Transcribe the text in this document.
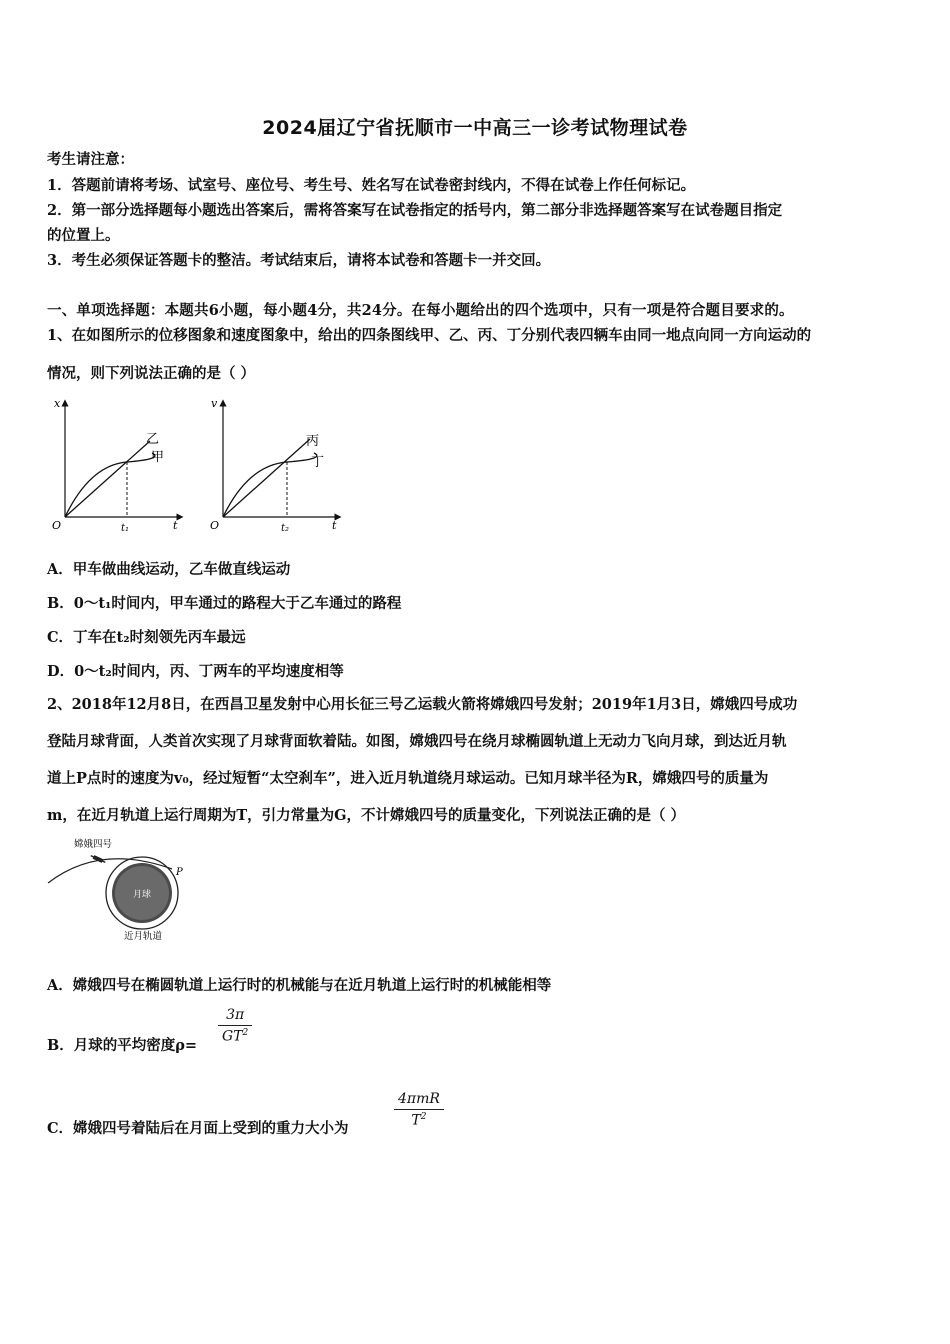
2024届辽宁省抚顺市一中高三一诊考试物理试卷
考生请注意：
1．答题前请将考场、试室号、座位号、考生号、姓名写在试卷密封线内，不得在试卷上作任何标记。
2．第一部分选择题每小题选出答案后，需将答案写在试卷指定的括号内，第二部分非选择题答案写在试卷题目指定
的位置上。
3．考生必须保证答题卡的整洁。考试结束后，请将本试卷和答题卡一并交回。
一、单项选择题：本题共6小题，每小题4分，共24分。在每小题给出的四个选项中，只有一项是符合题目要求的。
1、在如图所示的位移图象和速度图象中，给出的四条图线甲、乙、丙、丁分别代表四辆车由同一地点向同一方向运动的
情况，则下列说法正确的是（ ）
x
t
O	t₁
乙
甲
v
t
O	t₂
丙
丁
A．甲车做曲线运动，乙车做直线运动
B．0～t₁时间内，甲车通过的路程大于乙车通过的路程
C．丁车在t₂时刻领先丙车最远
D．0～t₂时间内，丙、丁两车的平均速度相等
2、2018年12月8日，在西昌卫星发射中心用长征三号乙运载火箭将嫦娥四号发射；2019年1月3日，嫦娥四号成功
登陆月球背面，人类首次实现了月球背面软着陆。如图，嫦娥四号在绕月球椭圆轨道上无动力飞向月球，到达近月轨
道上P点时的速度为v₀，经过短暂“太空刹车”，进入近月轨道绕月球运动。已知月球半径为R，嫦娥四号的质量为
m，在近月轨道上运行周期为T，引力常量为G，不计嫦娥四号的质量变化，下列说法正确的是（ ）
嫦娥四号
月球
P
近月轨道
A．嫦娥四号在椭圆轨道上运行时的机械能与在近月轨道上运行时的机械能相等
B．月球的平均密度ρ=
3π
$GT^2$
C．嫦娥四号着陆后在月面上受到的重力大小为
4πmR
$T^2$
